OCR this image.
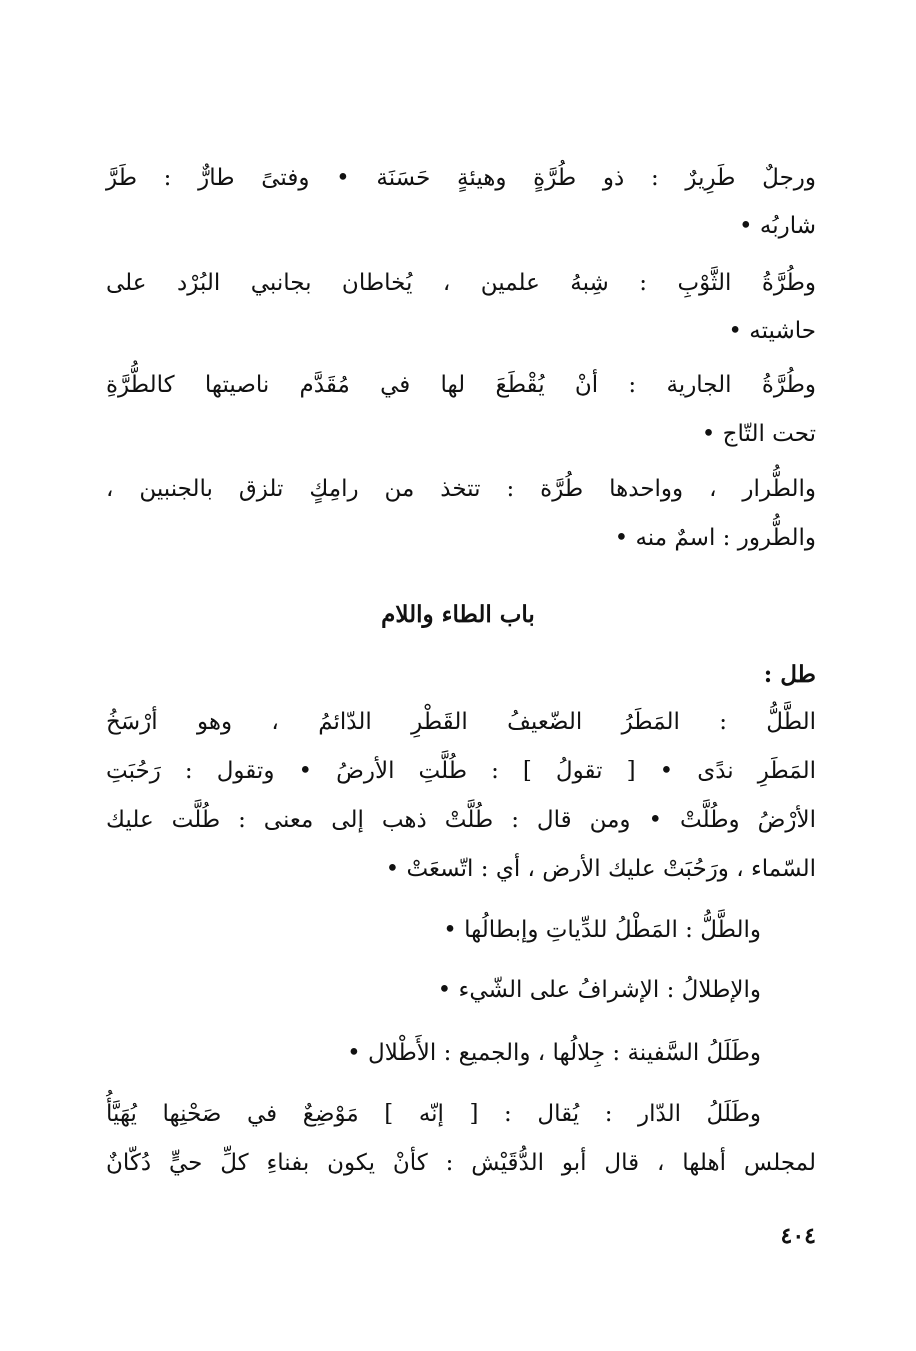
ورجلٌ طَرِيرٌ : ذو طُرَّةٍ وهيئةٍ حَسَنَة • وفتىً طارٌّ : طَرَّ
شاربُه •
وطُرَّةُ الثَّوْبِ : شِبهُ علمين ، يُخاطان بجانبي البُرْد على
حاشيته •
وطُرَّةُ الجارية : أنْ يُقْطَعَ لها في مُقَدَّم ناصيتها كالطُّرَّةِ
تحت التّاج •
والطُّرار ، وواحدها طُرَّة : تتخذ من رامِكٍ تلزق بالجنبين ،
والطُّرور : اسمٌ منه •
باب الطاء واللام
طل :
الطَّلُّ : المَطَرُ الضّعيفُ القَطْرِ الدّائمُ ، وهو أرْسَخُ
المَطَرِ ندًى • [ تقولُ ] : طُلَّتِ الأرضُ • وتقول : رَحُبَتِ
الأرْضُ وطُلَّتْ • ومن قال : طُلَّتْ ذهب إلى معنى : طُلَّت عليك
السّماء ، ورَحُبَتْ عليك الأرض ، أي : اتّسعَتْ •
والطَّلُّ : المَطْلُ للدِّياتِ وإبطالُها •
والإطلالُ : الإشرافُ على الشّيء •
وطَلَلُ السَّفينة : جِلالُها ، والجميع : الأَطْلال •
وطَلَلُ الدّار : يُقال : [ إنّه ] مَوْضِعٌ في صَحْنِها يُهَيَّأُ
لمجلس أهلها ، قال أبو الدُّقَيْش : كأنْ يكون بفناءِ كلِّ حيٍّ دُكّانٌ
٤٠٤
